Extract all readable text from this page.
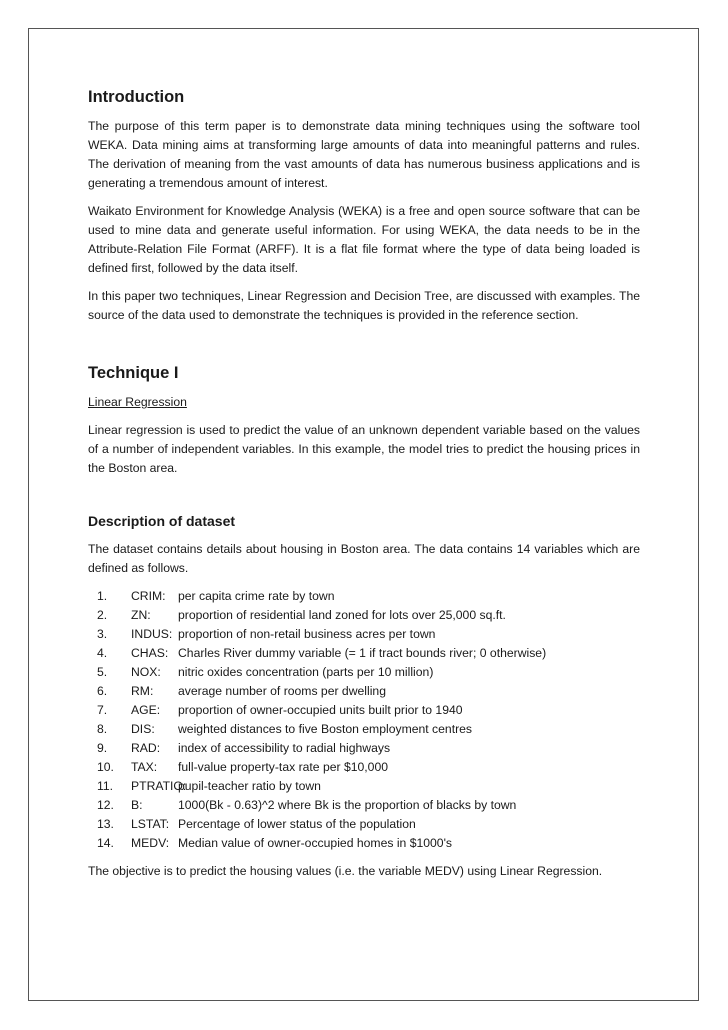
Introduction

The purpose of this term paper is to demonstrate data mining techniques using the software tool WEKA. Data mining aims at transforming large amounts of data into meaningful patterns and rules. The derivation of meaning from the vast amounts of data has numerous business applications and is generating a tremendous amount of interest.

Waikato Environment for Knowledge Analysis (WEKA) is a free and open source software that can be used to mine data and generate useful information. For using WEKA, the data needs to be in the Attribute-Relation File Format (ARFF). It is a flat file format where the type of data being loaded is defined first, followed by the data itself.

In this paper two techniques, Linear Regression and Decision Tree, are discussed with examples. The source of the data used to demonstrate the techniques is provided in the reference section.

Technique I
Linear Regression

Linear regression is used to predict the value of an unknown dependent variable based on the values of a number of independent variables. In this example, the model tries to predict the housing prices in the Boston area.

Description of dataset

The dataset contains details about housing in Boston area. The data contains 14 variables which are defined as follows.

1.	CRIM:	per capita crime rate by town
2.	ZN:	proportion of residential land zoned for lots over 25,000 sq.ft.
3.	INDUS: proportion of non-retail business acres per town
4.	CHAS: Charles River dummy variable (= 1 if tract bounds river; 0 otherwise)
5.	NOX:	nitric oxides concentration (parts per 10 million)
6.	RM:	average number of rooms per dwelling
7.	AGE:	proportion of owner-occupied units built prior to 1940
8.	DIS:	weighted distances to five Boston employment centres
9.	RAD:	index of accessibility to radial highways
10.	TAX:	full-value property-tax rate per $10,000
11.	PTRATIO:
pupil-teacher ratio by town
12.	B:	1000(Bk - 0.63)^2 where Bk is the proportion of blacks by town
13.	LSTAT: Percentage of lower status of the population
14.	MEDV: Median value of owner-occupied homes in $1000's

The objective is to predict the housing values (i.e. the variable MEDV) using Linear Regression.
